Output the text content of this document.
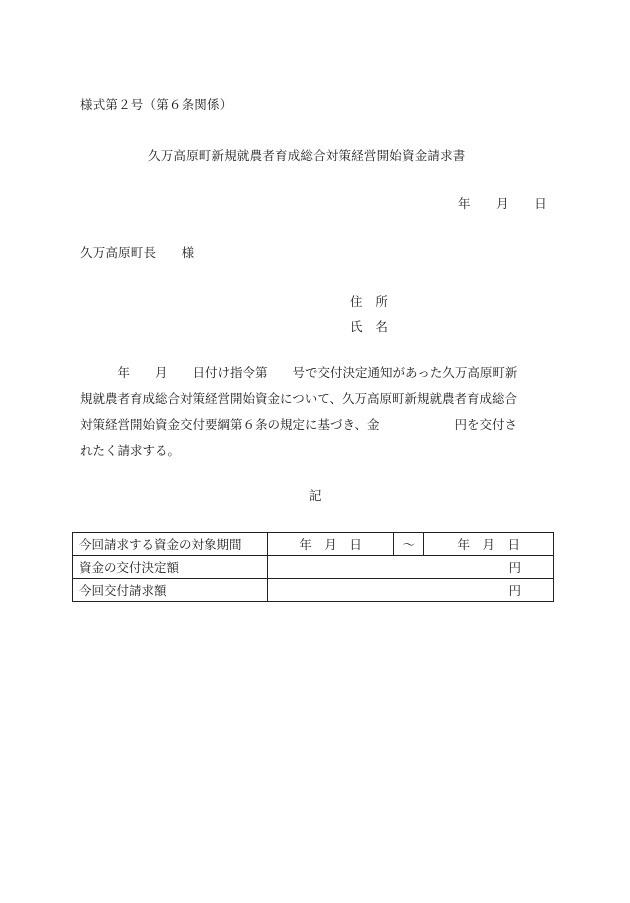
様式第２号（第６条関係）
久万高原町新規就農者育成総合対策経営開始資金請求書
年　　月　　日
久万高原町長　　様
住　所
氏　名
　　　年　　月　　日付け指令第　　号で交付決定通知があった久万高原町新
規就農者育成総合対策経営開始資金について、久万高原町新規就農者育成総合
対策経営開始資金交付要綱第６条の規定に基づき、金　　　　　　円を交付さ
れたく請求する。
記
今回請求する資金の対象期間	年　月　日	～	年　月　日
資金の交付決定額	円		
今回交付請求額	円		
